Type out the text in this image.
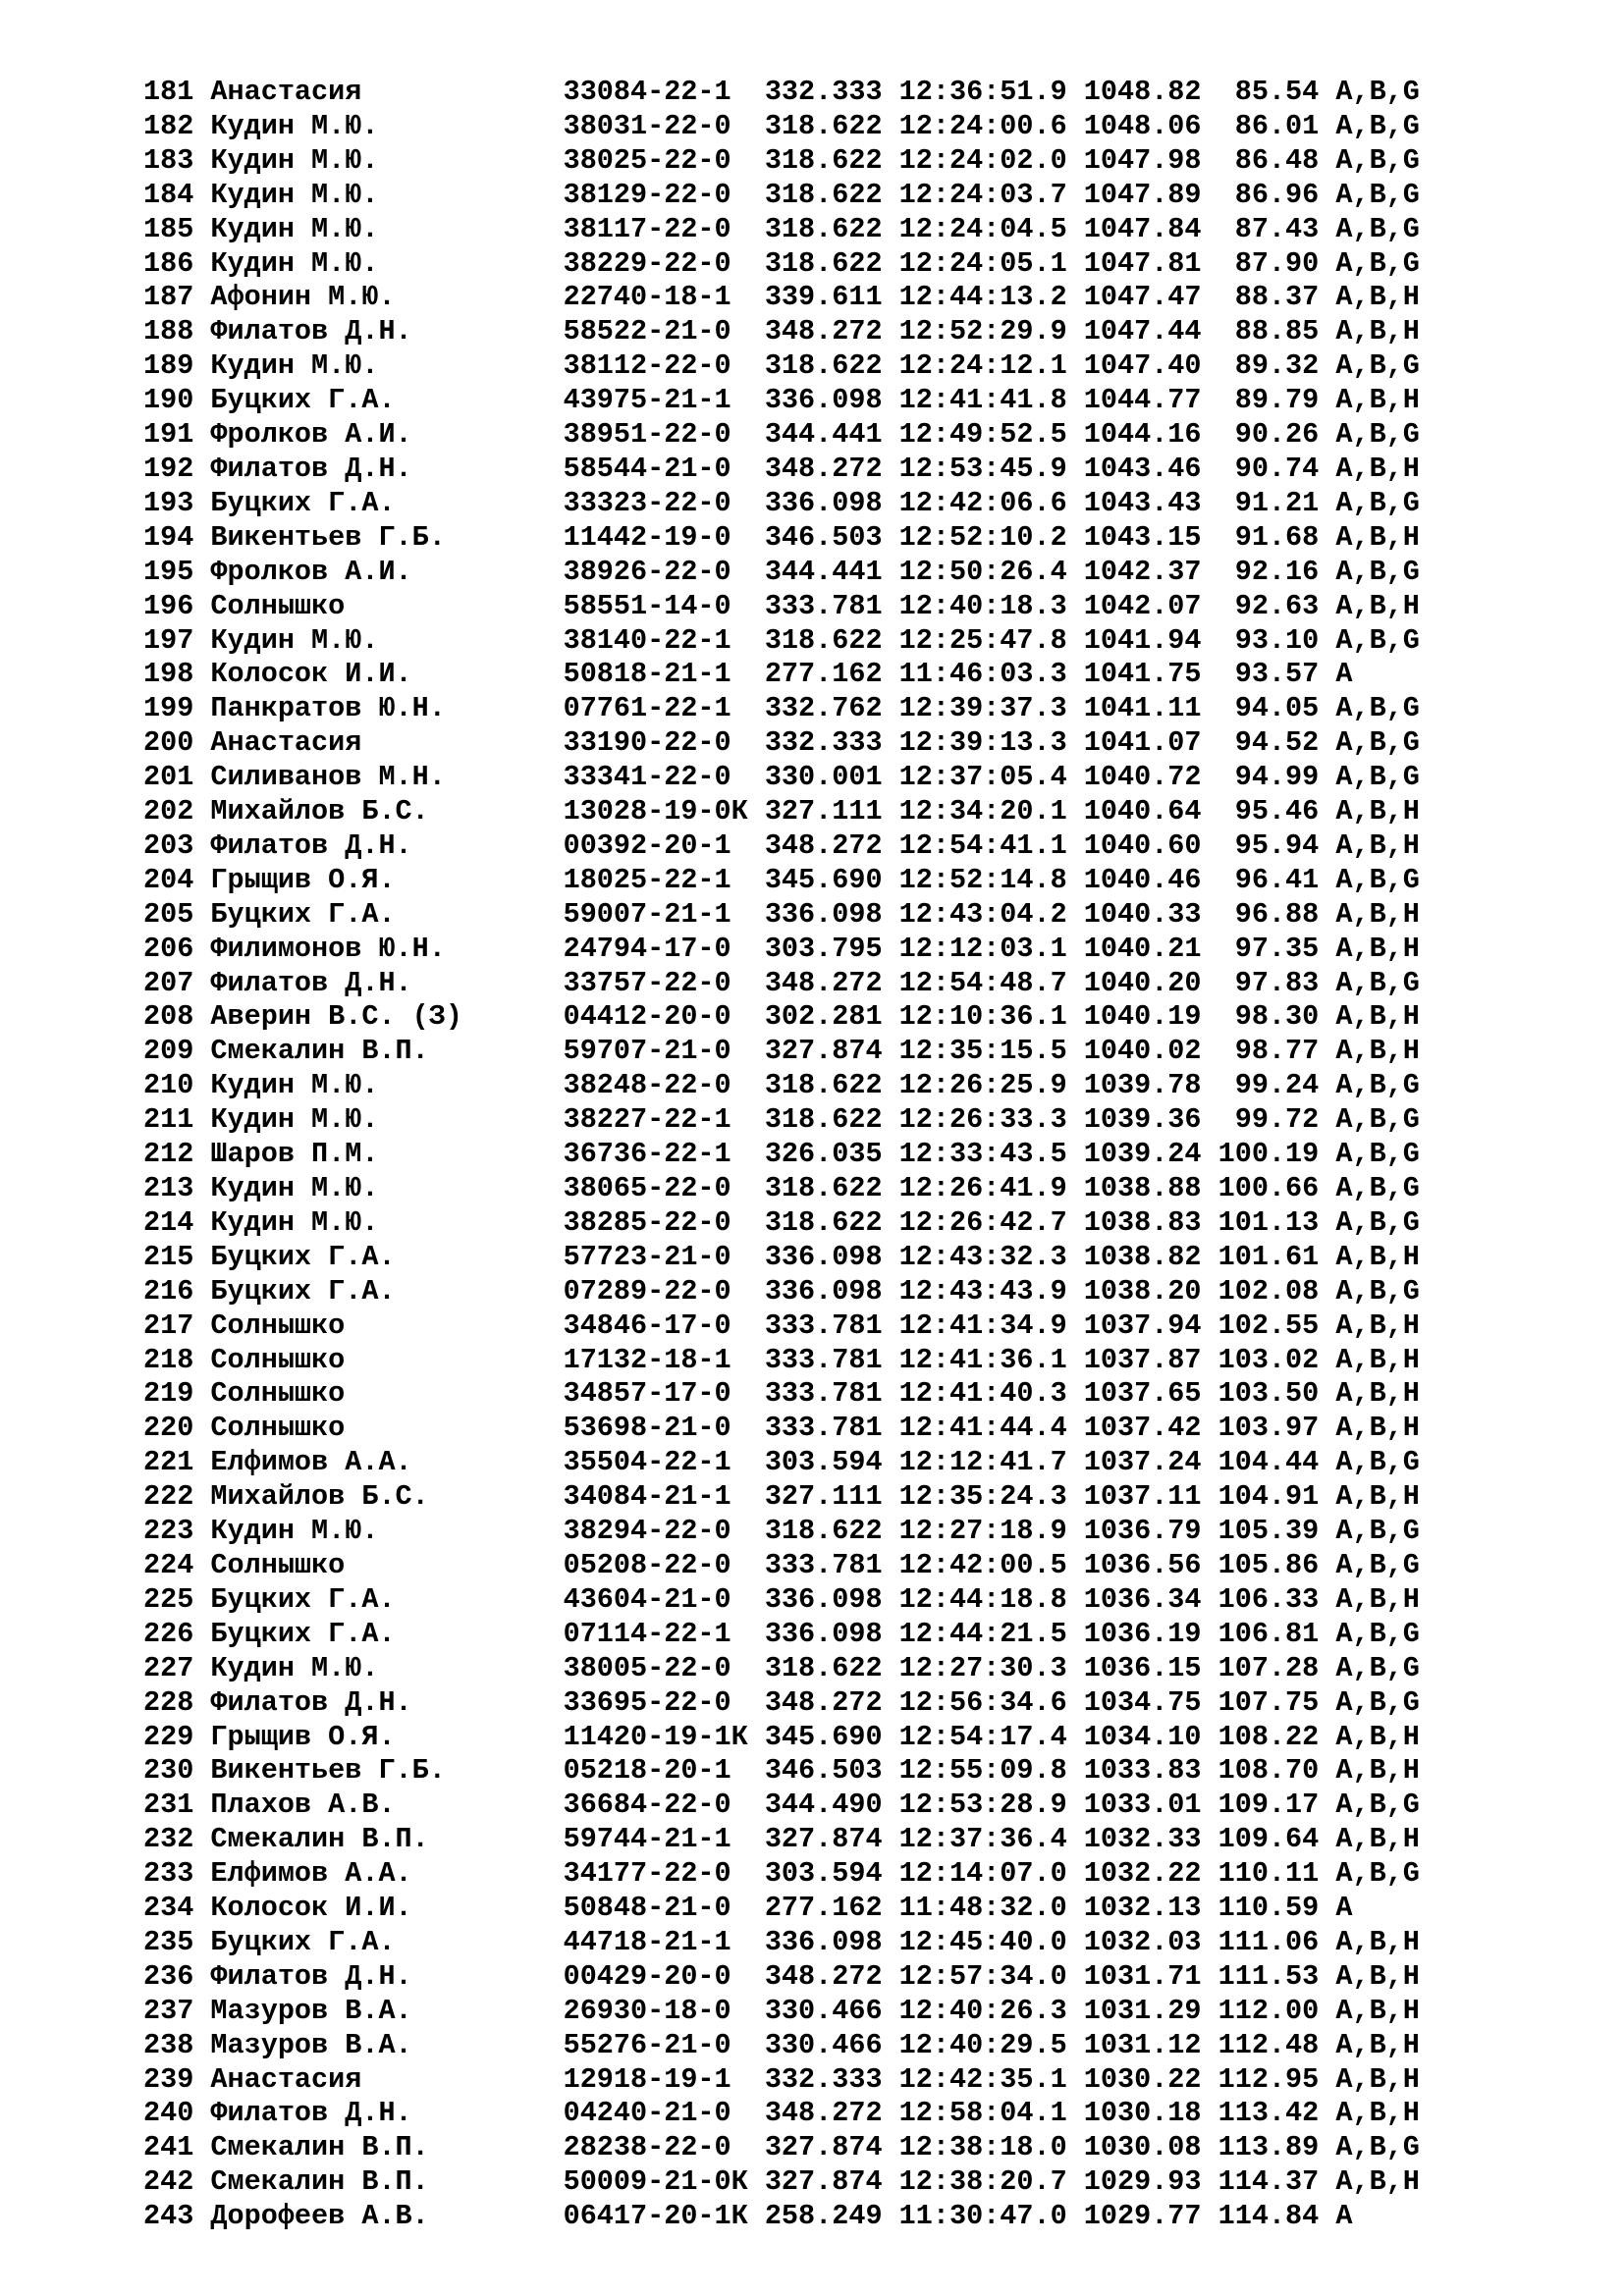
181 Анастасия            33084-22-1  332.333 12:36:51.9 1048.82  85.54 A,B,G
182 Кудин М.Ю.           38031-22-0  318.622 12:24:00.6 1048.06  86.01 A,B,G
183 Кудин М.Ю.           38025-22-0  318.622 12:24:02.0 1047.98  86.48 A,B,G
184 Кудин М.Ю.           38129-22-0  318.622 12:24:03.7 1047.89  86.96 A,B,G
185 Кудин М.Ю.           38117-22-0  318.622 12:24:04.5 1047.84  87.43 A,B,G
186 Кудин М.Ю.           38229-22-0  318.622 12:24:05.1 1047.81  87.90 A,B,G
187 Афонин М.Ю.          22740-18-1  339.611 12:44:13.2 1047.47  88.37 A,B,H
188 Филатов Д.Н.         58522-21-0  348.272 12:52:29.9 1047.44  88.85 A,B,H
189 Кудин М.Ю.           38112-22-0  318.622 12:24:12.1 1047.40  89.32 A,B,G
190 Буцких Г.А.          43975-21-1  336.098 12:41:41.8 1044.77  89.79 A,B,H
191 Фролков А.И.         38951-22-0  344.441 12:49:52.5 1044.16  90.26 A,B,G
192 Филатов Д.Н.         58544-21-0  348.272 12:53:45.9 1043.46  90.74 A,B,H
193 Буцких Г.А.          33323-22-0  336.098 12:42:06.6 1043.43  91.21 A,B,G
194 Викентьев Г.Б.       11442-19-0  346.503 12:52:10.2 1043.15  91.68 A,B,H
195 Фролков А.И.         38926-22-0  344.441 12:50:26.4 1042.37  92.16 A,B,G
196 Солнышко             58551-14-0  333.781 12:40:18.3 1042.07  92.63 A,B,H
197 Кудин М.Ю.           38140-22-1  318.622 12:25:47.8 1041.94  93.10 A,B,G
198 Колосок И.И.         50818-21-1  277.162 11:46:03.3 1041.75  93.57 A
199 Панкратов Ю.Н.       07761-22-1  332.762 12:39:37.3 1041.11  94.05 A,B,G
200 Анастасия            33190-22-0  332.333 12:39:13.3 1041.07  94.52 A,B,G
201 Силиванов М.Н.       33341-22-0  330.001 12:37:05.4 1040.72  94.99 A,B,G
202 Михайлов Б.С.        13028-19-0К 327.111 12:34:20.1 1040.64  95.46 A,B,H
203 Филатов Д.Н.         00392-20-1  348.272 12:54:41.1 1040.60  95.94 A,B,H
204 Грыщив О.Я.          18025-22-1  345.690 12:52:14.8 1040.46  96.41 A,B,G
205 Буцких Г.А.          59007-21-1  336.098 12:43:04.2 1040.33  96.88 A,B,H
206 Филимонов Ю.Н.       24794-17-0  303.795 12:12:03.1 1040.21  97.35 A,B,H
207 Филатов Д.Н.         33757-22-0  348.272 12:54:48.7 1040.20  97.83 A,B,G
208 Аверин В.С. (З)      04412-20-0  302.281 12:10:36.1 1040.19  98.30 A,B,H
209 Смекалин В.П.        59707-21-0  327.874 12:35:15.5 1040.02  98.77 A,B,H
210 Кудин М.Ю.           38248-22-0  318.622 12:26:25.9 1039.78  99.24 A,B,G
211 Кудин М.Ю.           38227-22-1  318.622 12:26:33.3 1039.36  99.72 A,B,G
212 Шаров П.М.           36736-22-1  326.035 12:33:43.5 1039.24 100.19 A,B,G
213 Кудин М.Ю.           38065-22-0  318.622 12:26:41.9 1038.88 100.66 A,B,G
214 Кудин М.Ю.           38285-22-0  318.622 12:26:42.7 1038.83 101.13 A,B,G
215 Буцких Г.А.          57723-21-0  336.098 12:43:32.3 1038.82 101.61 A,B,H
216 Буцких Г.А.          07289-22-0  336.098 12:43:43.9 1038.20 102.08 A,B,G
217 Солнышко             34846-17-0  333.781 12:41:34.9 1037.94 102.55 A,B,H
218 Солнышко             17132-18-1  333.781 12:41:36.1 1037.87 103.02 A,B,H
219 Солнышко             34857-17-0  333.781 12:41:40.3 1037.65 103.50 A,B,H
220 Солнышко             53698-21-0  333.781 12:41:44.4 1037.42 103.97 A,B,H
221 Елфимов А.А.         35504-22-1  303.594 12:12:41.7 1037.24 104.44 A,B,G
222 Михайлов Б.С.        34084-21-1  327.111 12:35:24.3 1037.11 104.91 A,B,H
223 Кудин М.Ю.           38294-22-0  318.622 12:27:18.9 1036.79 105.39 A,B,G
224 Солнышко             05208-22-0  333.781 12:42:00.5 1036.56 105.86 A,B,G
225 Буцких Г.А.          43604-21-0  336.098 12:44:18.8 1036.34 106.33 A,B,H
226 Буцких Г.А.          07114-22-1  336.098 12:44:21.5 1036.19 106.81 A,B,G
227 Кудин М.Ю.           38005-22-0  318.622 12:27:30.3 1036.15 107.28 A,B,G
228 Филатов Д.Н.         33695-22-0  348.272 12:56:34.6 1034.75 107.75 A,B,G
229 Грыщив О.Я.          11420-19-1К 345.690 12:54:17.4 1034.10 108.22 A,B,H
230 Викентьев Г.Б.       05218-20-1  346.503 12:55:09.8 1033.83 108.70 A,B,H
231 Плахов А.В.          36684-22-0  344.490 12:53:28.9 1033.01 109.17 A,B,G
232 Смекалин В.П.        59744-21-1  327.874 12:37:36.4 1032.33 109.64 A,B,H
233 Елфимов А.А.         34177-22-0  303.594 12:14:07.0 1032.22 110.11 A,B,G
234 Колосок И.И.         50848-21-0  277.162 11:48:32.0 1032.13 110.59 A
235 Буцких Г.А.          44718-21-1  336.098 12:45:40.0 1032.03 111.06 A,B,H
236 Филатов Д.Н.         00429-20-0  348.272 12:57:34.0 1031.71 111.53 A,B,H
237 Мазуров В.А.         26930-18-0  330.466 12:40:26.3 1031.29 112.00 A,B,H
238 Мазуров В.А.         55276-21-0  330.466 12:40:29.5 1031.12 112.48 A,B,H
239 Анастасия            12918-19-1  332.333 12:42:35.1 1030.22 112.95 A,B,H
240 Филатов Д.Н.         04240-21-0  348.272 12:58:04.1 1030.18 113.42 A,B,H
241 Смекалин В.П.        28238-22-0  327.874 12:38:18.0 1030.08 113.89 A,B,G
242 Смекалин В.П.        50009-21-0К 327.874 12:38:20.7 1029.93 114.37 A,B,H
243 Дорофеев А.В.        06417-20-1К 258.249 11:30:47.0 1029.77 114.84 A
